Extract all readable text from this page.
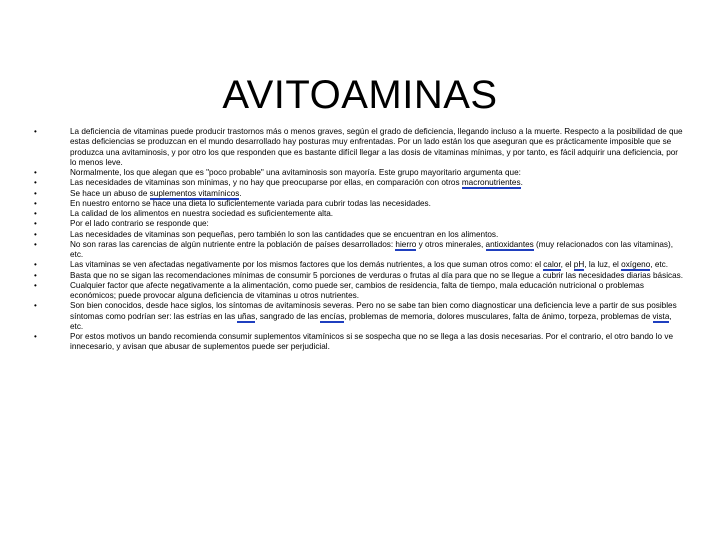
AVITOAMINAS
•	La deficiencia de vitaminas puede producir trastornos más o menos graves, según el grado de deficiencia, llegando incluso a la muerte. Respecto a la posibilidad de que estas deficiencias se produzcan en el mundo desarrollado hay posturas muy enfrentadas. Por un lado están los que aseguran que es prácticamente imposible que se produzca una avitaminosis, y por otro los que responden que es bastante difícil llegar a las dosis de vitaminas mínimas, y por tanto, es fácil adquirir una deficiencia, por lo menos leve.
•	Normalmente, los que alegan que es "poco probable" una avitaminosis son mayoría. Este grupo mayoritario argumenta que:
•	Las necesidades de vitaminas son mínimas, y no hay que preocuparse por ellas, en comparación con otros macronutrientes.
•	Se hace un abuso de suplementos vitamínicos.
•	En nuestro entorno se hace una dieta lo suficientemente variada para cubrir todas las necesidades.
•	La calidad de los alimentos en nuestra sociedad es suficientemente alta.
•	Por el lado contrario se responde que:
•	Las necesidades de vitaminas son pequeñas, pero también lo son las cantidades que se encuentran en los alimentos.
•	No son raras las carencias de algún nutriente entre la población de países desarrollados: hierro y otros minerales, antioxidantes (muy relacionados con las vitaminas), etc.
•	Las vitaminas se ven afectadas negativamente por los mismos factores que los demás nutrientes, a los que suman otros como: el calor, el pH, la luz, el oxígeno, etc.
•	Basta que no se sigan las recomendaciones mínimas de consumir 5 porciones de verduras o frutas al día para que no se llegue a cubrir las necesidades diarias básicas.
•	Cualquier factor que afecte negativamente a la alimentación, como puede ser, cambios de residencia, falta de tiempo, mala educación nutricional o problemas económicos; puede provocar alguna deficiencia de vitaminas u otros nutrientes.
•	Son bien conocidos, desde hace siglos, los síntomas de avitaminosis severas. Pero no se sabe tan bien como diagnosticar una deficiencia leve a partir de sus posibles síntomas como podrían ser: las estrías en las uñas, sangrado de las encías, problemas de memoria, dolores musculares, falta de ánimo, torpeza, problemas de vista, etc.
•	Por estos motivos un bando recomienda consumir suplementos vitamínicos si se sospecha que no se llega a las dosis necesarias. Por el contrario, el otro bando lo ve innecesario, y avisan que abusar de suplementos puede ser perjudicial.
